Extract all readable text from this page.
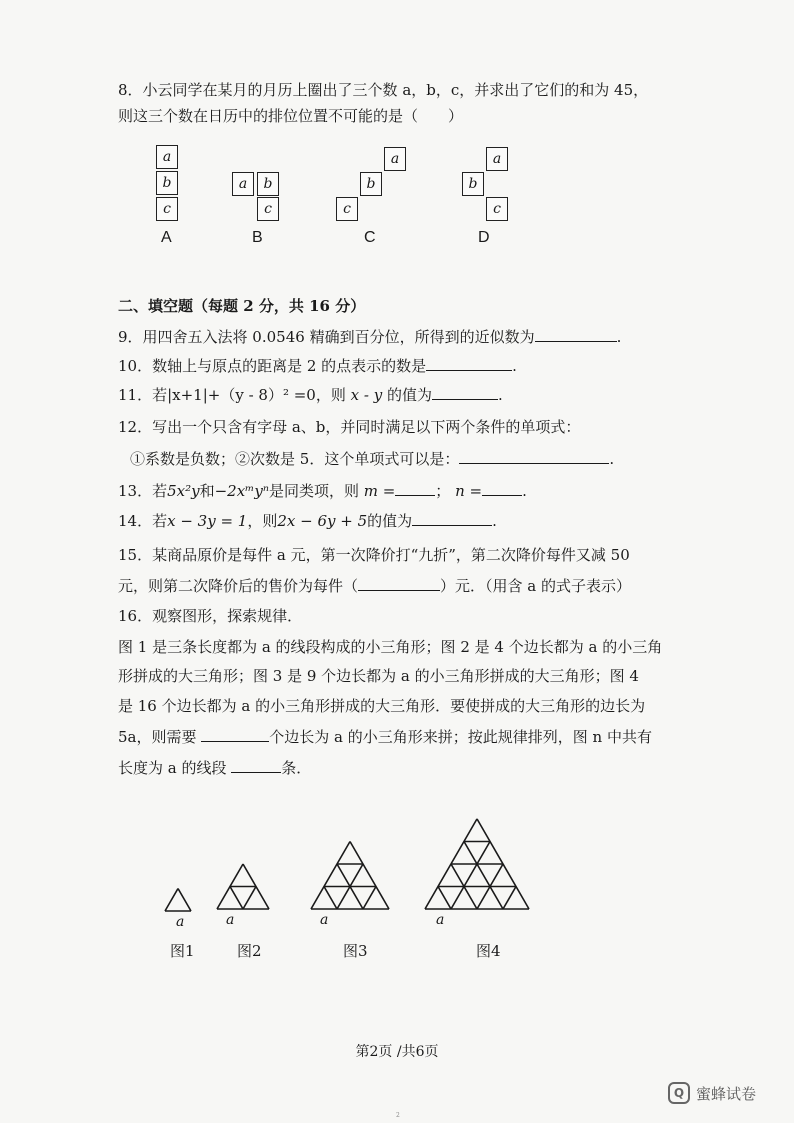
8．小云同学在某月的月历上圈出了三个数 a，b，c，并求出了它们的和为 45，
则这三个数在日历中的排位位置不可能的是（　　）
a
b
c
A
a	b
c
B
a
b
c
C
a
b
c
D
二、填空题（每题 2 分，共 16 分）
9．用四舍五入法将 0.0546 精确到百分位，所得到的近似数为	.
10．数轴上与原点的距离是 2 的点表示的数是	.
11．若|x+1|+（y - 8）² =0，则 x - y 的值为	.
12．写出一个只含有字母 a、b，并同时满足以下两个条件的单项式：
①系数是负数；②次数是 5．这个单项式可以是：	.
13．若5x²y和−2xᵐyⁿ是同类项，则 m =	； n =	.
14．若x − 3y = 1，则2x − 6y + 5的值为	.
15．某商品原价是每件 a 元，第一次降价打“九折”，第二次降价每件又减 50
元，则第二次降价后的售价为每件（	）元．（用含 a 的式子表示）
16．观察图形，探索规律．
图 1 是三条长度都为 a 的线段构成的小三角形；图 2 是 4 个边长都为 a 的小三角
形拼成的大三角形；图 3 是 9 个边长都为 a 的小三角形拼成的大三角形；图 4
是 16 个边长都为 a 的小三角形拼成的大三角形．要使拼成的大三角形的边长为
5a，则需要	个边长为 a 的小三角形来拼；按此规律排列，图 n 中共有
长度为 a 的线段	条．
a	a	a	a
图1	图2	图3	图4
第2页 /共6页
Q 蜜蜂试卷
2
